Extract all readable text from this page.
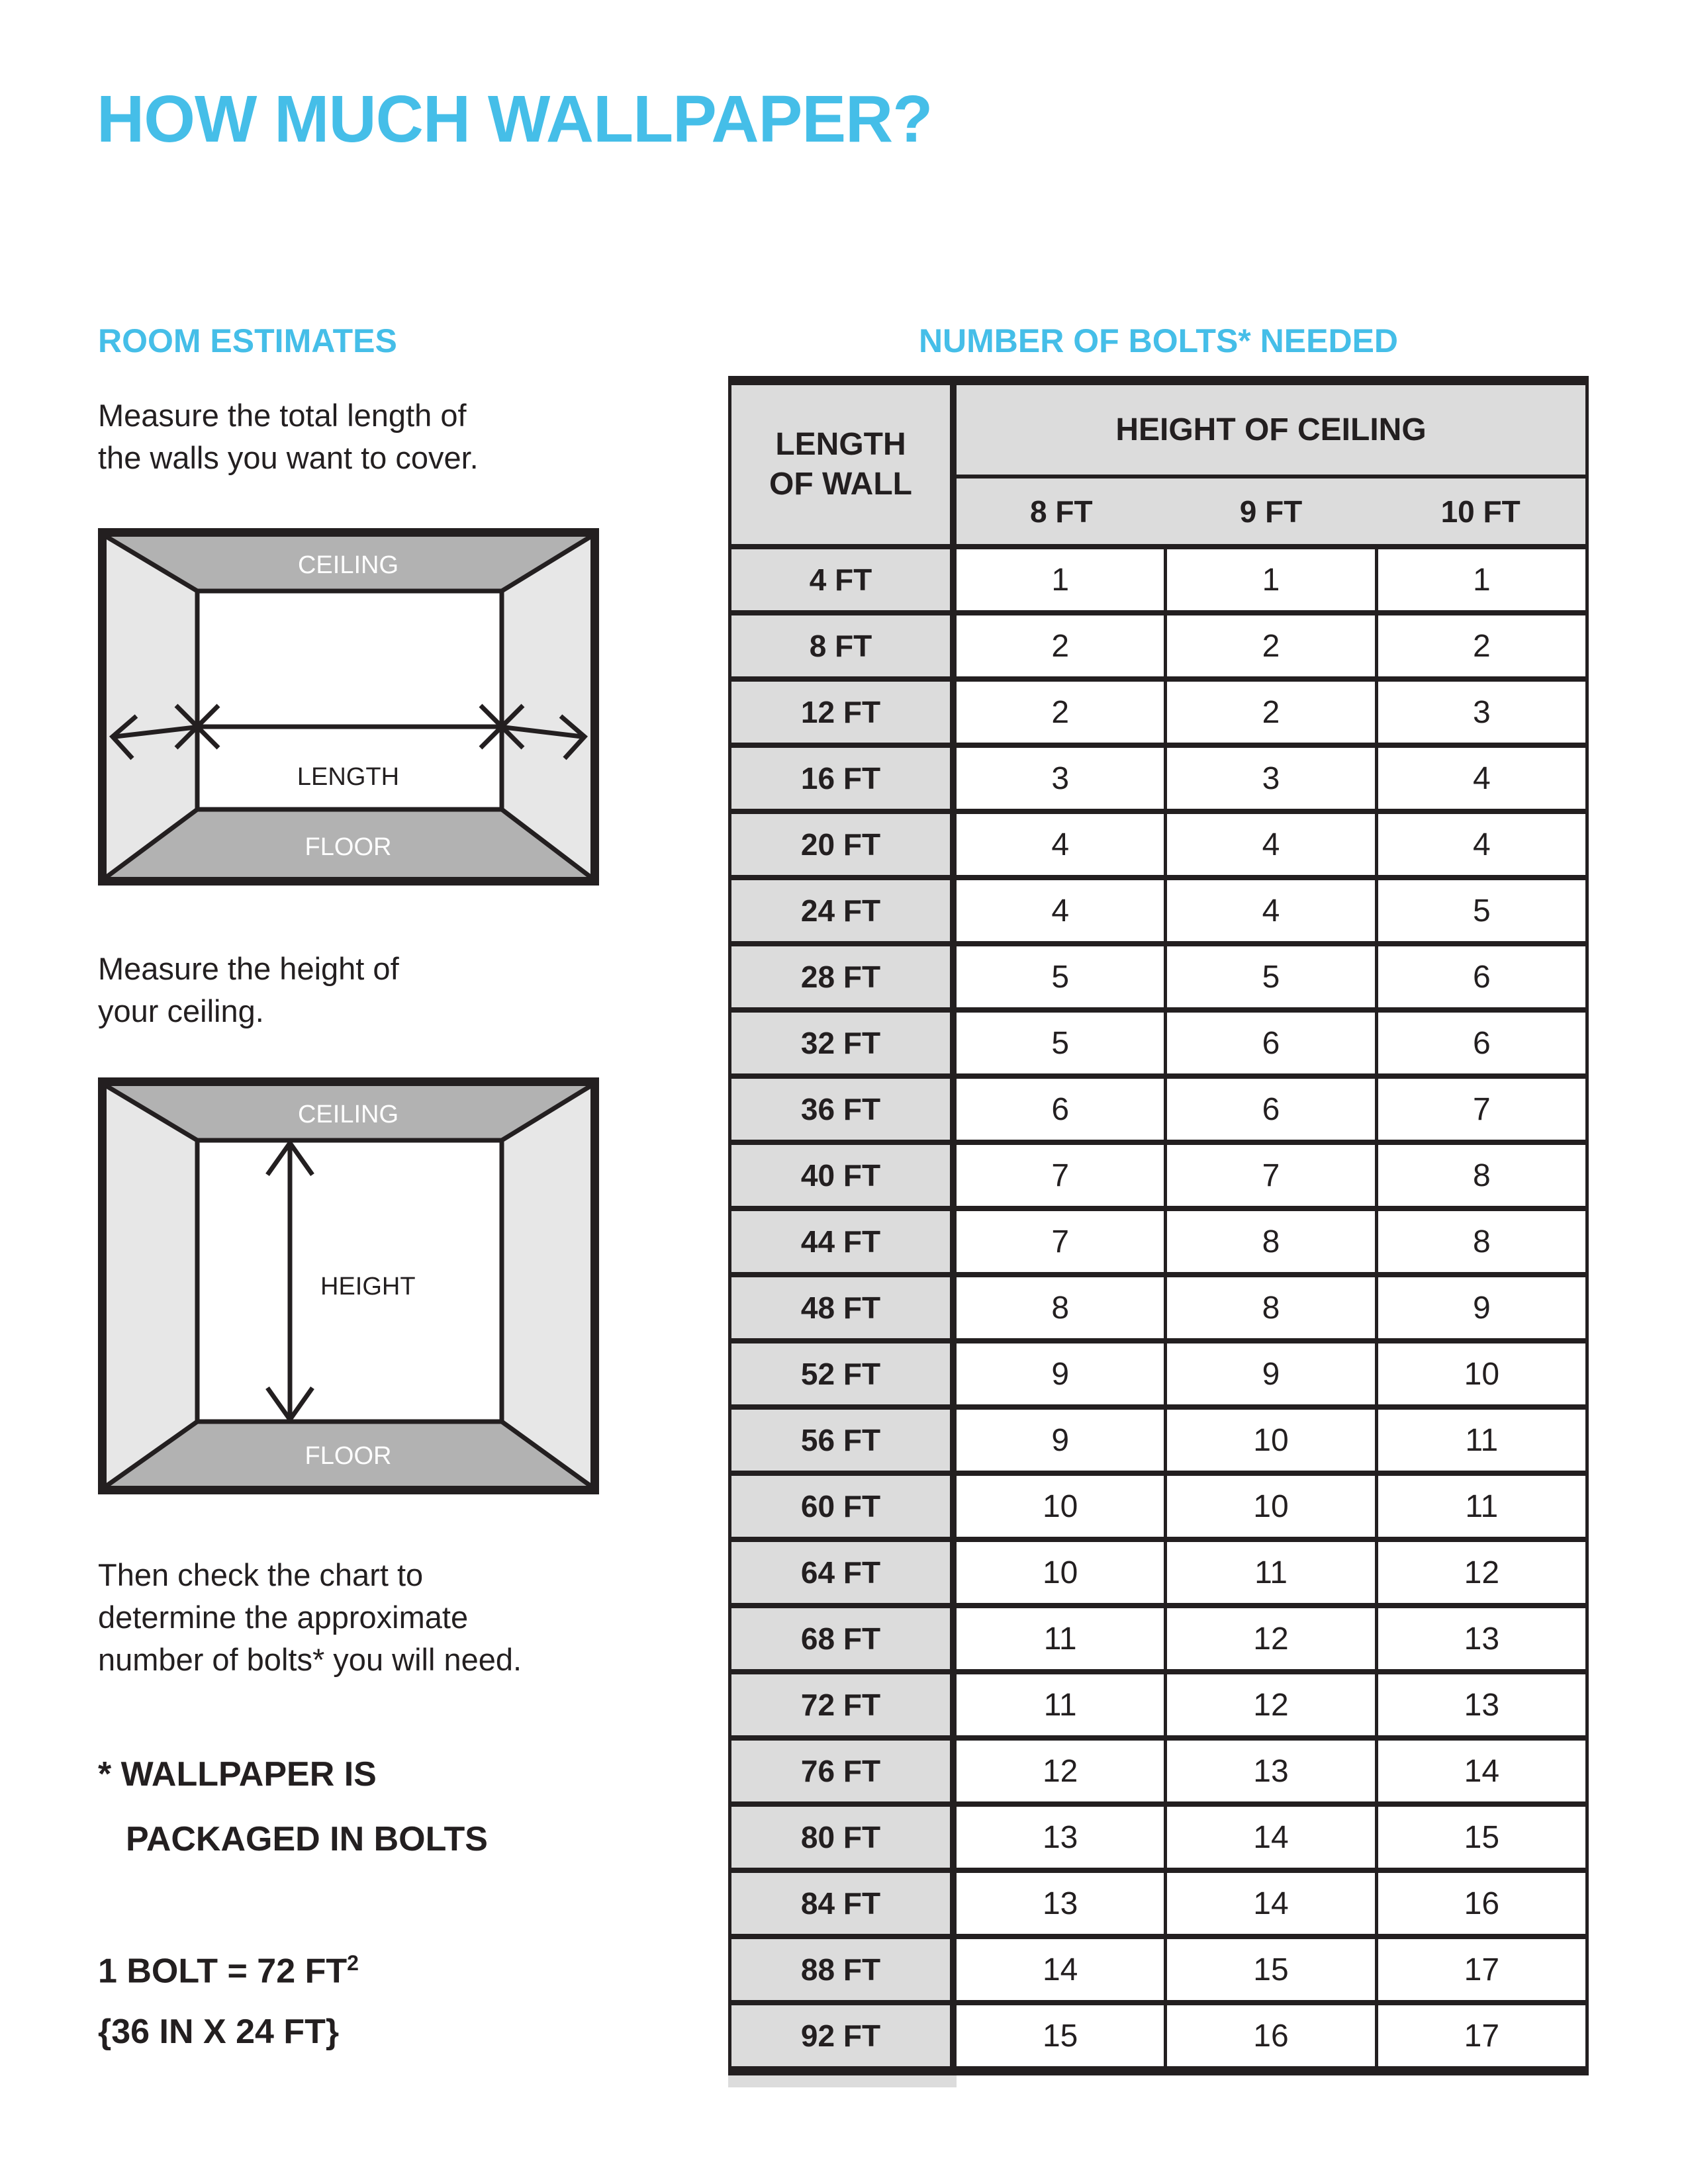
HOW MUCH WALLPAPER?
ROOM ESTIMATES	NUMBER OF BOLTS* NEEDED
Measure the total length of
the walls you want to cover.
CEILING
LENGTH
FLOOR
Measure the height of
your ceiling.
CEILING
HEIGHT
FLOOR
Then check the chart to
determine the approximate
number of bolts* you will need.
* WALLPAPER IS
PACKAGED IN BOLTS
1 BOLT = 72 $FT^2$
{36 IN X 24 FT}
LENGTH
OF WALL
HEIGHT OF CEILING
8 FT	9 FT	10 FT
4 FT	1	1	1
8 FT	2	2	2
12 FT	2	2	3
16 FT	3	3	4
20 FT	4	4	4
24 FT	4	4	5
28 FT	5	5	6
32 FT	5	6	6
36 FT	6	6	7
40 FT	7	7	8
44 FT	7	8	8
48 FT	8	8	9
52 FT	9	9	10
56 FT	9	10	11
60 FT	10	10	11
64 FT	10	11	12
68 FT	11	12	13
72 FT	11	12	13
76 FT	12	13	14
80 FT	13	14	15
84 FT	13	14	16
88 FT	14	15	17
92 FT	15	16	17
